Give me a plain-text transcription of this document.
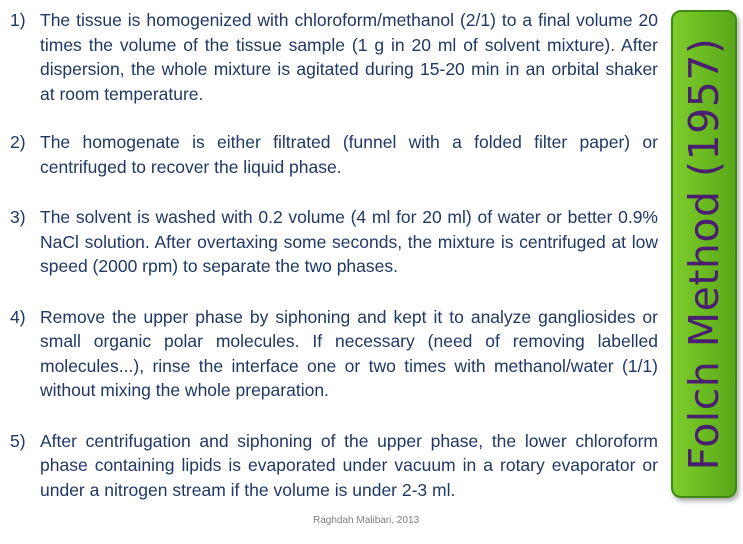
1) The tissue is homogenized with chloroform/methanol (2/1) to a final volume 20 times the volume of the tissue sample (1 g in 20 ml of solvent mixture). After dispersion, the whole mixture is agitated during 15-20 min in an orbital shaker at room temperature.
2) The homogenate is either filtrated (funnel with a folded filter paper) or centrifuged to recover the liquid phase.
3) The solvent is washed with 0.2 volume (4 ml for 20 ml) of water or better 0.9% NaCl solution. After overtaxing some seconds, the mixture is centrifuged at low speed (2000 rpm) to separate the two phases.
4) Remove the upper phase by siphoning and kept it to analyze gangliosides or small organic polar molecules. If necessary (need of removing labelled molecules...), rinse the interface one or two times with methanol/water (1/1) without mixing the whole preparation.
5) After centrifugation and siphoning of the upper phase, the lower chloroform phase containing lipids is evaporated under vacuum in a rotary evaporator or under a nitrogen stream if the volume is under 2-3 ml.
Raghdah Malibari, 2013
Folch Method (1957)
